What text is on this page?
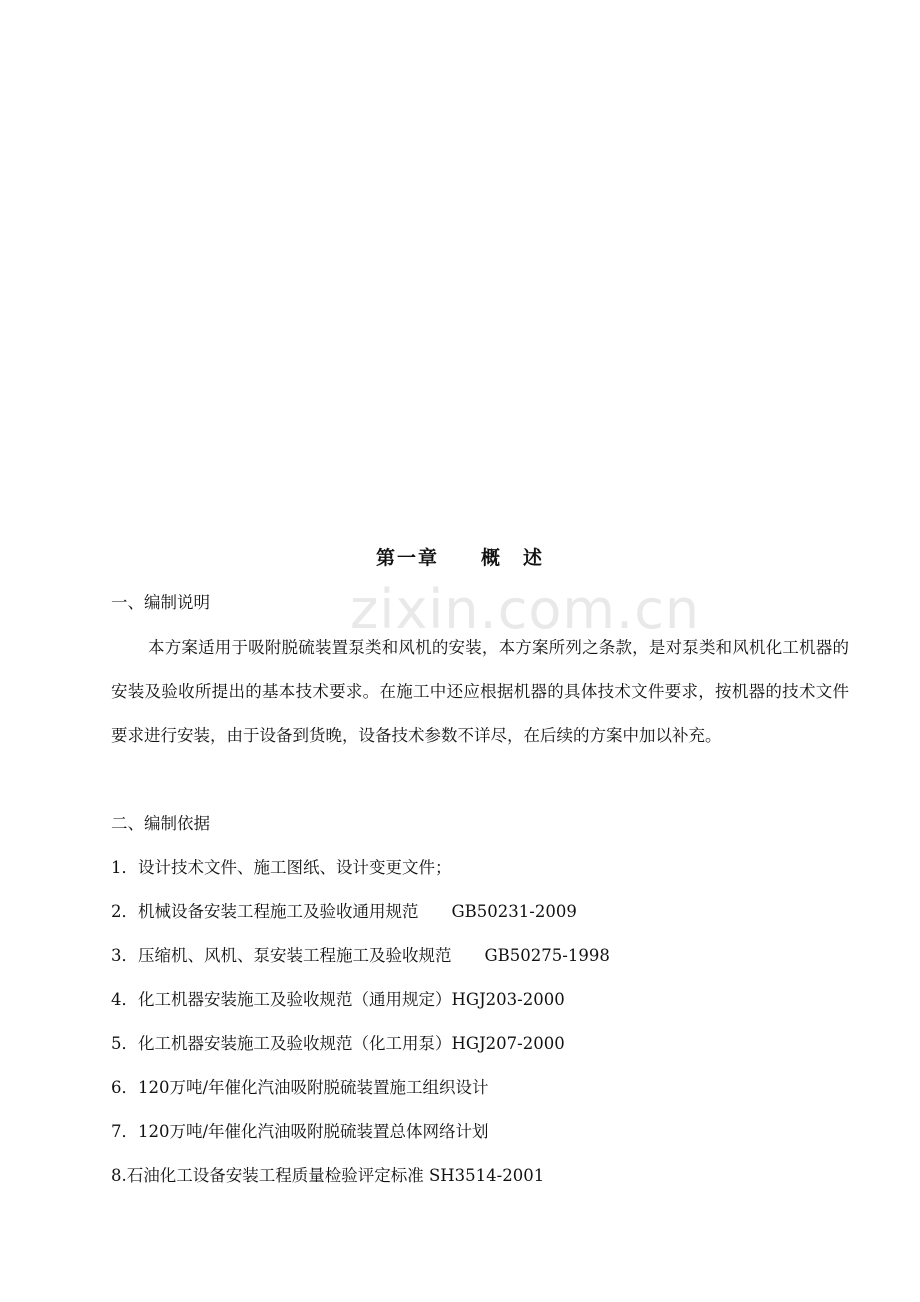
zixin.com.cn
第一章　　概　述
一、编制说明
本方案适用于吸附脱硫装置泵类和风机的安装，本方案所列之条款，是对泵类和风机化工机器的安装及验收所提出的基本技术要求。在施工中还应根据机器的具体技术文件要求，按机器的技术文件要求进行安装，由于设备到货晚，设备技术参数不详尽，在后续的方案中加以补充。
二、编制依据
1．设计技术文件、施工图纸、设计变更文件；
2．机械设备安装工程施工及验收通用规范　　GB50231-2009
3．压缩机、风机、泵安装工程施工及验收规范　　GB50275-1998
4．化工机器安装施工及验收规范（通用规定）HGJ203-2000
5．化工机器安装施工及验收规范（化工用泵）HGJ207-2000
6．120万吨/年催化汽油吸附脱硫装置施工组织设计
7．120万吨/年催化汽油吸附脱硫装置总体网络计划
8.石油化工设备安装工程质量检验评定标准 SH3514-2001
